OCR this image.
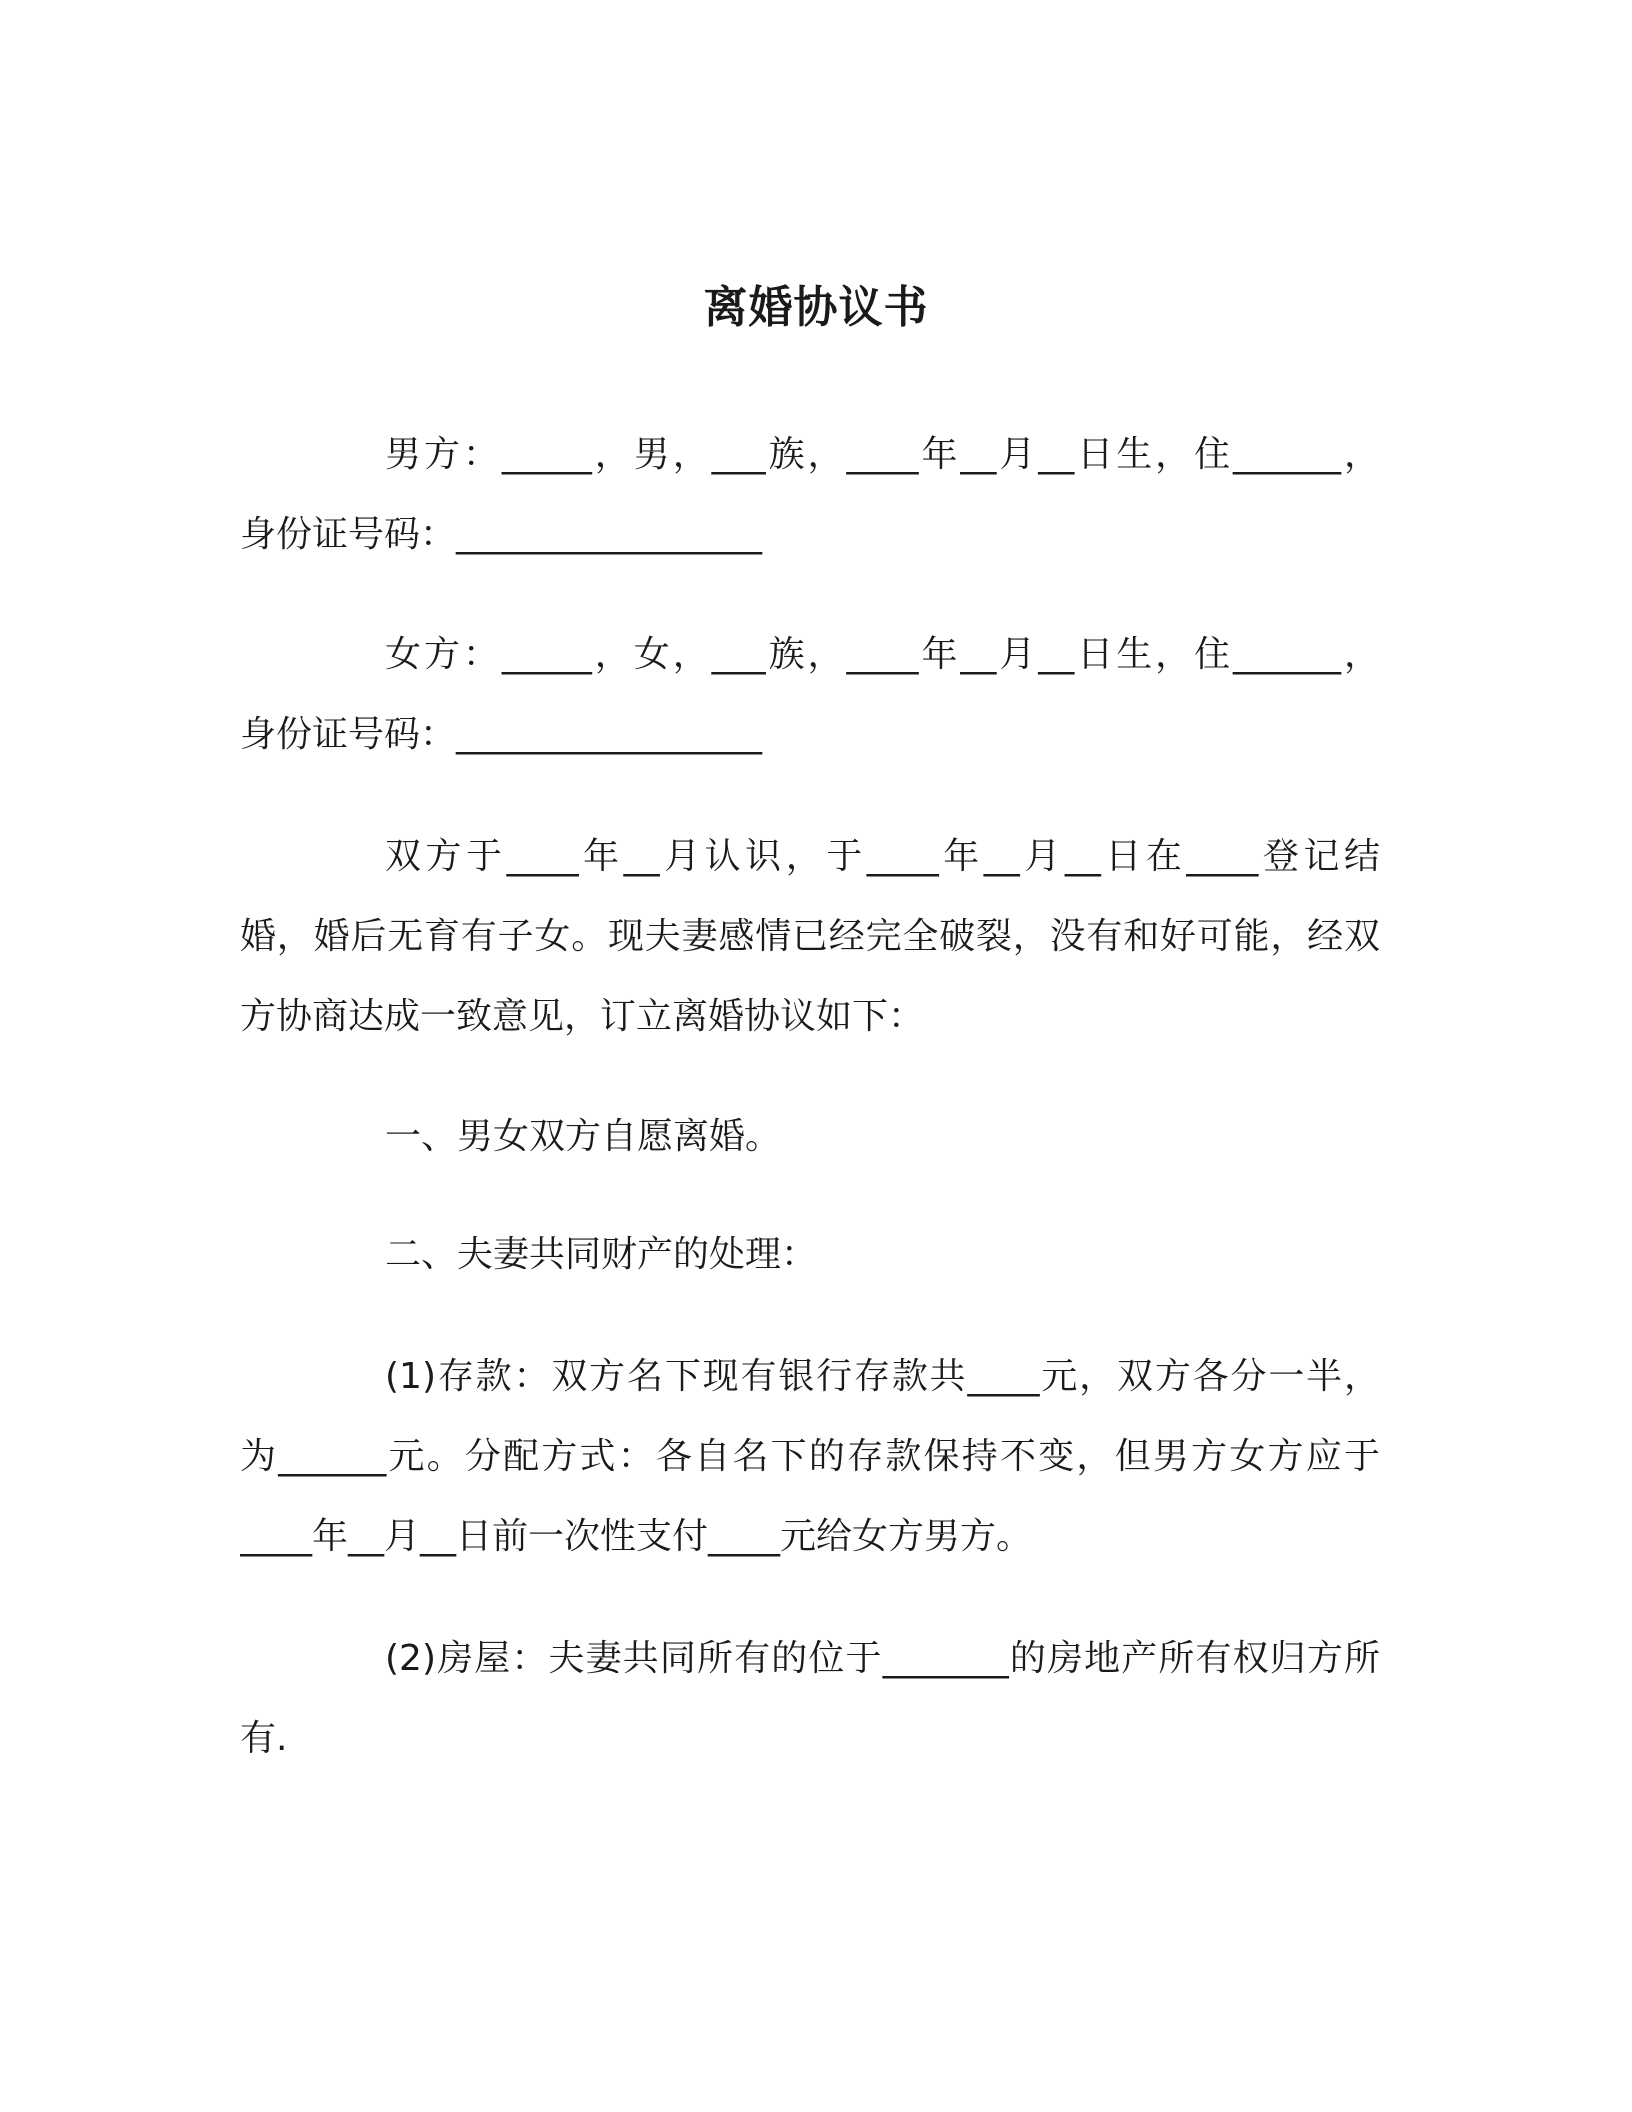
离婚协议书
男方：_____，男，___族，____年__月__日生，住______，
身份证号码：_________________
女方：_____，女，___族，____年__月__日生，住______，
身份证号码：_________________
双方于____年__月认识，于____年__月__日在____登记结
婚，婚后无育有子女。现夫妻感情已经完全破裂，没有和好可能，经双
方协商达成一致意见，订立离婚协议如下：
一、男女双方自愿离婚。
二、夫妻共同财产的处理：
(1)存款：双方名下现有银行存款共____元，双方各分一半，
为______元。分配方式：各自名下的存款保持不变，但男方女方应于
____年__月__日前一次性支付____元给女方男方。
(2)房屋：夫妻共同所有的位于_______的房地产所有权归方所
有.
